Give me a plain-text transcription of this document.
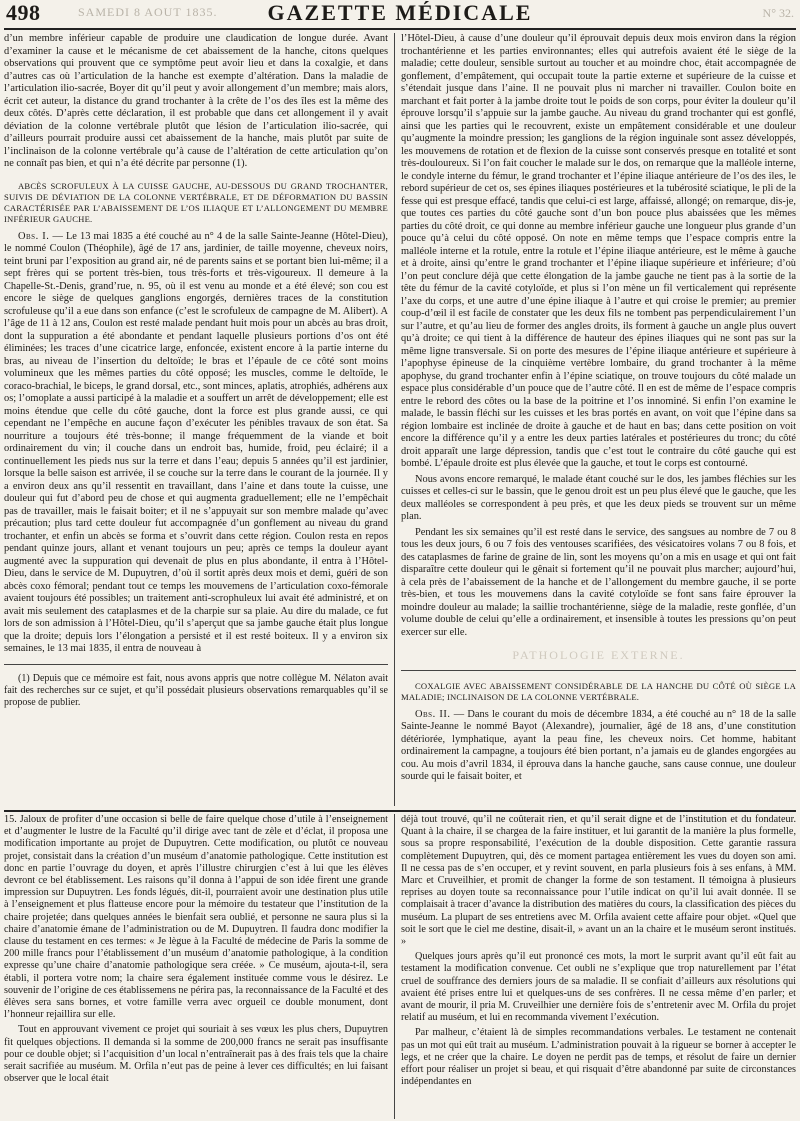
498	SAMEDI 8 AOUT 1835.	GAZETTE MÉDICALE	N° 32.

d’un membre inférieur capable de produire une claudication de longue durée. Avant d’examiner la cause et le mécanisme de cet abaissement de la hanche, citons quelques observations qui prouvent que ce symptôme peut avoir lieu et dans la coxalgie, et dans d’autres cas où l’articulation de la hanche est exempte d’altération. Dans la maladie de l’articulation ilio-sacrée, Boyer dit qu’il peut y avoir allongement d’un membre; mais alors, écrit cet auteur, la distance du grand trochanter à la crête de l’os des îles est la même des deux côtés. D’après cette déclaration, il est probable que dans cet allongement il y avait déviation de la colonne vertébrale plutôt que lésion de l’articulation ilio-sacrée, qui d’ailleurs pourrait produire aussi cet abaissement de la hanche, mais plutôt par suite de l’inclinaison de la colonne vertébrale qu’à cause de l’altération de cette articulation qu’on ne connaît pas bien, et qui n’a été décrite par personne (1).

ABCÈS SCROFULEUX À LA CUISSE GAUCHE, AU-DESSOUS DU GRAND TROCHANTER, SUIVIS DE DÉVIATION DE LA COLONNE VERTÉBRALE, ET DE DÉFORMATION DU BASSIN CARACTÉRISÉE PAR L’ABAISSEMENT DE L’OS ILIAQUE ET L’ALLONGEMENT DU MEMBRE INFÉRIEUR GAUCHE.

Obs. I. — Le 13 mai 1835 a été couché au n° 4 de la salle Sainte-Jeanne (Hôtel-Dieu), le nommé Coulon (Théophile), âgé de 17 ans, jardinier, de taille moyenne, cheveux noirs, teint bruni par l’exposition au grand air, né de parents sains et se portant bien lui-même; il a sept frères qui se portent très-bien, tous très-forts et très-vigoureux. Il demeure à la Chapelle-St.-Denis, grand’rue, n. 95, où il est venu au monde et a été élevé; son cou est encore le siège de quelques ganglions engorgés, dernières traces de la constitution scrofuleuse qu’il a eue dans son enfance (c’est le scrofuleux de campagne de M. Alibert). A l’âge de 11 à 12 ans, Coulon est resté malade pendant huit mois pour un abcès au bras droit, dont la suppuration a été abondante et pendant laquelle plusieurs portions d’os ont été éliminées; les traces d’une cicatrice large, enfoncée, existent encore à la partie interne du bras, au niveau de l’insertion du deltoïde; le bras et l’épaule de ce côté sont moins volumineux que les mêmes parties du côté opposé; les muscles, comme le deltoïde, le coraco-brachial, le biceps, le grand dorsal, etc., sont minces, aplatis, atrophiés, adhérens aux os; l’omoplate a aussi participé à la maladie et a souffert un arrêt de développement; elle est moins étendue que celle du côté gauche, dont la force est plus grande aussi, ce qui cependant ne l’empêche en aucune façon d’exécuter les pénibles travaux de son état. Sa nourriture a toujours été très-bonne; il mange fréquemment de la viande et boit ordinairement du vin; il couche dans un endroit bas, humide, froid, peu éclairé; il a continuellement les pieds nus sur la terre et dans l’eau; depuis 5 années qu’il est jardinier, lorsque la belle saison est arrivée, il se couche sur la terre dans le courant de la journée. Il y a environ deux ans qu’il ressentit en travaillant, dans l’aine et dans toute la cuisse, une douleur qui fut d’abord peu de chose et qui augmenta graduellement; elle ne l’empêchait pas de travailler, mais le faisait boiter; et il ne s’appuyait sur son membre malade qu’avec précaution; plus tard cette douleur fut accompagnée d’un gonflement au niveau du grand trochanter, et enfin un abcès se forma et s’ouvrit dans cette région. Coulon resta en repos pendant quinze jours, allant et venant toujours un peu; après ce temps la douleur ayant augmenté avec la suppuration qui devenait de plus en plus abondante, il entra à l’Hôtel-Dieu, dans le service de M. Dupuytren, d’où il sortit après deux mois et demi, guéri de son abcès coxo fémoral; pendant tout ce temps les mouvemens de l’articulation coxo-fémorale avaient toujours été possibles; un traitement anti-scrophuleux lui avait été administré, et on avait mis seulement des cataplasmes et de la charpie sur sa plaie. Au dire du malade, ce fut lors de son admission à l’Hôtel-Dieu, qu’il s’aperçut que sa jambe gauche était plus longue que la droite; depuis lors l’élongation a persisté et il est resté boiteux. Il y a environ six semaines, le 13 mai 1835, il entra de nouveau à

(1) Depuis que ce mémoire est fait, nous avons appris que notre collègue M. Nélaton avait fait des recherches sur ce sujet, et qu’il possédait plusieurs observations remarquables qu’il se propose de publier.

l’Hôtel-Dieu, à cause d’une douleur qu’il éprouvait depuis deux mois environ dans la région trochantérienne et les parties environnantes; elles qui autrefois avaient été le siège de la maladie; cette douleur, sensible surtout au toucher et au moindre choc, était accompagnée de gonflement, d’empâtement, qui occupait toute la partie externe et supérieure de la cuisse et s’étendait jusque dans l’aine. Il ne pouvait plus ni marcher ni travailler. Coulon boite en marchant et fait porter à la jambe droite tout le poids de son corps, pour éviter la douleur qu’il éprouve lorsqu’il s’appuie sur la jambe gauche. Au niveau du grand trochanter qui est gonflé, ainsi que les parties qui le recouvrent, existe un empâtement considérable et une douleur qu’augmente la moindre pression; les ganglions de la région inguinale sont assez développés, les mouvemens de rotation et de flexion de la cuisse sont conservés presque en totalité et sont très-douloureux. Si l’on fait coucher le malade sur le dos, on remarque que la malléole interne, le condyle interne du fémur, le grand trochanter et l’épine iliaque antérieure de l’os des iles, le rebord supérieur de cet os, ses épines iliaques postérieures et la tubérosité sciatique, le pli de la fesse qui est presque effacé, tandis que celui-ci est large, affaissé, allongé; on remarque, dis-je, que toutes ces parties du côté gauche sont d’un bon pouce plus abaissées que les mêmes parties du côté droit, ce qui donne au membre inférieur gauche une longueur plus grande d’un pouce qu’à celui du côté opposé. On note en même temps que l’espace compris entre la malléole interne et la rotule, entre la rotule et l’épine iliaque antérieure, est le même à gauche et à droite, ainsi qu’entre le grand trochanter et l’épine iliaque supérieure et inférieure; d’où l’on peut conclure déjà que cette élongation de la jambe gauche ne tient pas à la sortie de la tête du fémur de la cavité cotyloïde, et plus si l’on mène un fil verticalement qui représente l’axe du corps, et une autre d’une épine iliaque à l’autre et qui croise le premier; au premier coup-d’œil il est facile de constater que les deux fils ne tombent pas perpendiculairement l’un sur l’autre, et qu’au lieu de former des angles droits, ils forment à gauche un angle plus ouvert qu’à droite; ce qui tient à la différence de hauteur des épines iliaques qui ne sont pas sur la même ligne transversale. Si on porte des mesures de l’épine iliaque antérieure et supérieure à l’apophyse épineuse de la cinquième vertèbre lombaire, du grand trochanter à la même apophyse, du grand trochanter enfin à l’épine sciatique, on trouve toujours du côté malade un espace plus considérable d’un pouce que de l’autre côté. Il en est de même de l’espace compris entre le rebord des côtes ou la base de la poitrine et l’os innominé. Si enfin l’on examine le malade, le bassin fléchi sur les cuisses et les bras portés en avant, on voit que l’épine dans sa région lombaire est inclinée de droite à gauche et de haut en bas; dans cette position on voit encore la différence qu’il y a entre les deux parties latérales et postérieures du tronc; du côté droit apparaît une large dépression, tandis que c’est tout le contraire du côté gauche qui est bombé. L’épaule droite est plus élevée que la gauche, et tout le corps est contourné.

Nous avons encore remarqué, le malade étant couché sur le dos, les jambes fléchies sur les cuisses et celles-ci sur le bassin, que le genou droit est un peu plus élevé que le gauche, que les deux malléoles se correspondent à peu près, et que les deux pieds se trouvent sur un même plan.

Pendant les six semaines qu’il est resté dans le service, des sangsues au nombre de 7 ou 8 tous les deux jours, 6 ou 7 fois des ventouses scarifiées, des vésicatoires volans 7 ou 8 fois, et des cataplasmes de farine de graine de lin, sont les moyens qu’on a mis en usage et qui ont fait disparaître cette douleur qui le gênait si fortement qu’il ne pouvait plus marcher; aujourd’hui, à cela près de l’abaissement de la hanche et de l’allongement du membre gauche, il se porte très-bien, et tous les mouvemens dans la cavité cotyloïde se font sans faire éprouver la moindre douleur au malade; la saillie trochantérienne, siège de la maladie, reste gonflée, d’un volume double de celui qu’elle a ordinairement, et insensible à toutes les pressions qu’on peut exercer sur elle.

PATHOLOGIE EXTERNE.
COXALGIE AVEC ABAISSEMENT CONSIDÉRABLE DE LA HANCHE DU CÔTÉ OÙ SIÈGE LA MALADIE; INCLINAISON DE LA COLONNE VERTÉBRALE.

Obs. II. — Dans le courant du mois de décembre 1834, a été couché au n° 18 de la salle Sainte-Jeanne le nommé Bayot (Alexandre), journalier, âgé de 18 ans, d’une constitution détériorée, lymphatique, ayant la peau fine, les cheveux noirs. Cet homme, habitant ordinairement la campagne, a toujours été bien portant, n’a jamais eu de glandes engorgées au cou. Au mois d’avril 1834, il éprouva dans la hanche gauche, sans cause connue, une douleur sourde qui le faisait boiter, et

15. Jaloux de profiter d’une occasion si belle de faire quelque chose d’utile à l’enseignement et d’augmenter le lustre de la Faculté qu’il dirige avec tant de zèle et d’éclat, il proposa une modification importante au projet de Dupuytren. Cette modification, ou plutôt ce nouveau projet, consistait dans la création d’un muséum d’anatomie pathologique. Cette institution est donc en partie l’ouvrage du doyen, et après l’illustre chirurgien c’est à lui que les élèves devront ce bel établissement. Les raisons qu’il donna à l’appui de son idée firent une grande impression sur Dupuytren. Les fonds légués, dit-il, pourraient avoir une destination plus utile à l’enseignement et plus flatteuse encore pour la mémoire du testateur que l’institution de la chaire projetée; dans quelques années le bienfait sera oublié, et personne ne saura plus si la chaire d’anatomie émane de l’administration ou de M. Dupuytren. Il faudra donc modifier la clause du testament en ces termes: « Je lègue à la Faculté de médecine de Paris la somme de 200 mille francs pour l’établissement d’un muséum d’anatomie pathologique, à la condition expresse qu’une chaire d’anatomie pathologique sera créée. » Ce muséum, ajouta-t-il, sera établi, il portera votre nom; la chaire sera également instituée comme vous le désirez. Le souvenir de l’origine de ces établissemens ne périra pas, la reconnaissance de la Faculté et des élèves sera sans bornes, et votre famille verra avec orgueil ce double monument, dont l’honneur rejaillira sur elle.

Tout en approuvant vivement ce projet qui souriait à ses vœux les plus chers, Dupuytren fit quelques objections. Il demanda si la somme de 200,000 francs ne serait pas insuffisante pour ce double objet; si l’acquisition d’un local n’entraînerait pas à des frais tels que la chaire serait sacrifiée au muséum. M. Orfila n’eut pas de peine à lever ces difficultés; en lui faisant observer que le local était

déjà tout trouvé, qu’il ne coûterait rien, et qu’il serait digne et de l’institution et du fondateur. Quant à la chaire, il se chargea de la faire instituer, et lui garantit de la manière la plus formelle, sous sa propre responsabilité, l’exécution de la double disposition. Cette garantie rassura complètement Dupuytren, qui, dès ce moment partagea entièrement les vues du doyen son ami. Il ne cessa pas de s’en occuper, et y revint souvent, en parla plusieurs fois à ses enfans, à MM. Marc et Cruveilhier, et promit de changer la forme de son testament. Il témoigna à plusieurs reprises au doyen toute sa reconnaissance pour l’utile indicat on qu’il lui avait donnée. Il se complaisait à tracer d’avance la distribution des matières du cours, la classification des pièces du muséum. La plupart de ses entretiens avec M. Orfila avaient cette affaire pour objet. «Quel que soit le sort que le ciel me destine, disait-il, » avant un an la chaire et le muséum seront institués. »

Quelques jours après qu’il eut prononcé ces mots, la mort le surprit avant qu’il eût fait au testament la modification convenue. Cet oubli ne s’explique que trop naturellement par l’état cruel de souffrance des derniers jours de sa maladie. Il se confiait d’ailleurs aux résolutions qui avaient été prises entre lui et quelques-uns de ses confrères. Il ne cessa même d’en parler; et avant de mourir, il pria M. Cruveilhier une dernière fois de s’entretenir avec M. Orfila du projet relatif au muséum, et lui en recommanda vivement l’exécution.

Par malheur, c’étaient là de simples recommandations verbales. Le testament ne contenait pas un mot qui eût trait au muséum. L’administration pouvait à la rigueur se borner à accepter le legs, et ne créer que la chaire. Le doyen ne perdit pas de temps, et résolut de faire un dernier effort pour réaliser un projet si beau, et qui risquait d’être abandonné par suite de circonstances indépendantes en
